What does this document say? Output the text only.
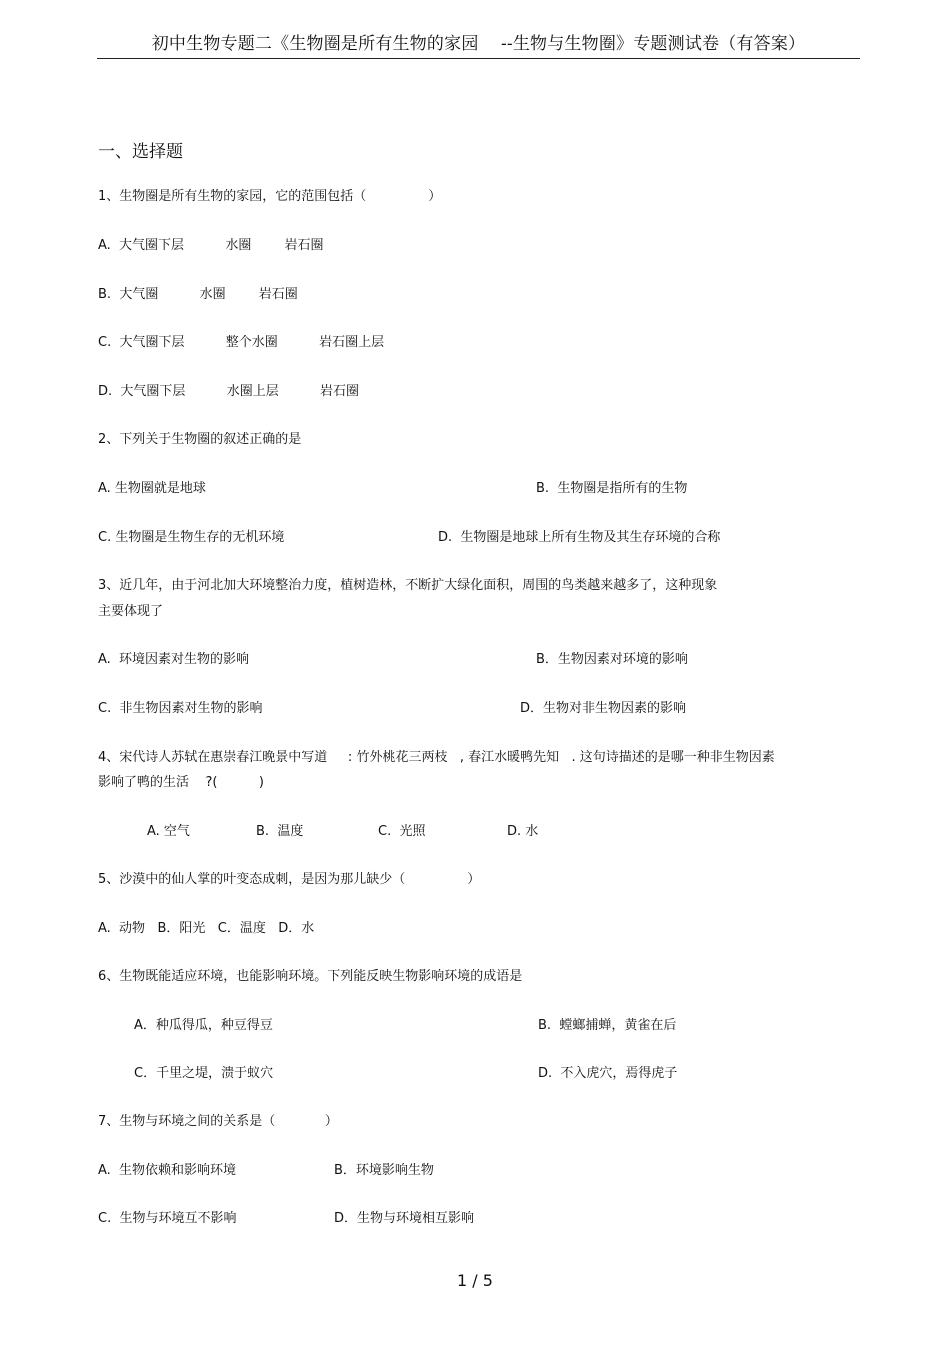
初中生物专题二《生物圈是所有生物的家园    --生物与生物圈》专题测试卷（有答案）
一、选择题
1、生物圈是所有生物的家园，它的范围包括（               ）
A.  大气圈下层          水圈        岩石圈
B.  大气圈          水圈        岩石圈
C.  大气圈下层          整个水圈          岩石圈上层
D.  大气圈下层          水圈上层          岩石圈
2、下列关于生物圈的叙述正确的是
A. 生物圈就是地球	B.  生物圈是指所有的生物
C. 生物圈是生物生存的无机环境	D.  生物圈是地球上所有生物及其生存环境的合称
3、近几年，由于河北加大环境整治力度，植树造林，不断扩大绿化面积，周围的鸟类越来越多了，这种现象
主要体现了
A.  环境因素对生物的影响	B．生物因素对环境的影响
C.  非生物因素对生物的影响	D．生物对非生物因素的影响
4、宋代诗人苏轼在惠崇春江晚景中写道     : 竹外桃花三两枝   , 春江水暖鸭先知   . 这句诗描述的是哪一种非生物因素
影响了鸭的生活    ?(          )
A. 空气	B.  温度	C.  光照	D. 水
5、沙漠中的仙人掌的叶变态成刺，是因为那儿缺少（               ）
A.  动物   B．阳光   C．温度   D．水
6、生物既能适应环境，也能影响环境。下列能反映生物影响环境的成语是
A．种瓜得瓜，种豆得豆	B.  螳螂捕蝉，黄雀在后
C．千里之堤，溃于蚁穴	D.  不入虎穴，焉得虎子
7、生物与环境之间的关系是（            ）
A.  生物依赖和影响环境	B．环境影响生物
C.  生物与环境互不影响	D．生物与环境相互影响
1 / 5
